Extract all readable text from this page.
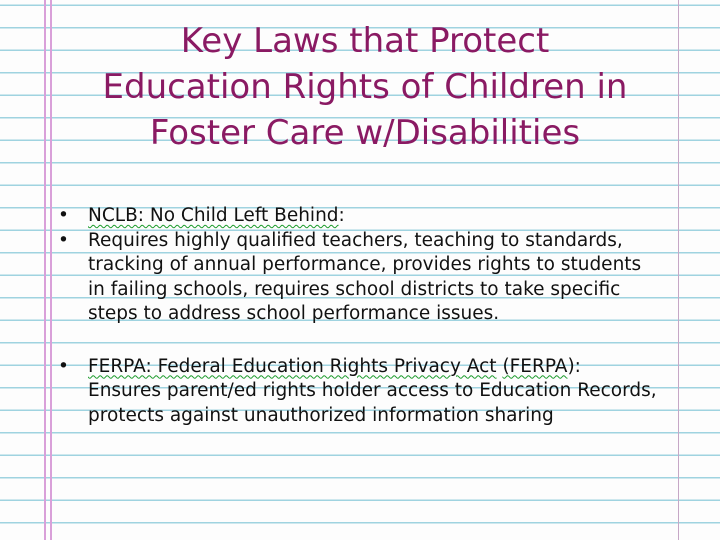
Key Laws that Protect
Education Rights of Children in
Foster Care w/Disabilities
• NCLB: No Child Left Behind:
• Requires highly qualified teachers, teaching to standards, tracking of annual performance, provides rights to students in failing schools, requires school districts to take specific steps to address school performance issues.
• FERPA: Federal Education Rights Privacy Act (FERPA): Ensures parent/ed rights holder access to Education Records, protects against unauthorized information sharing
